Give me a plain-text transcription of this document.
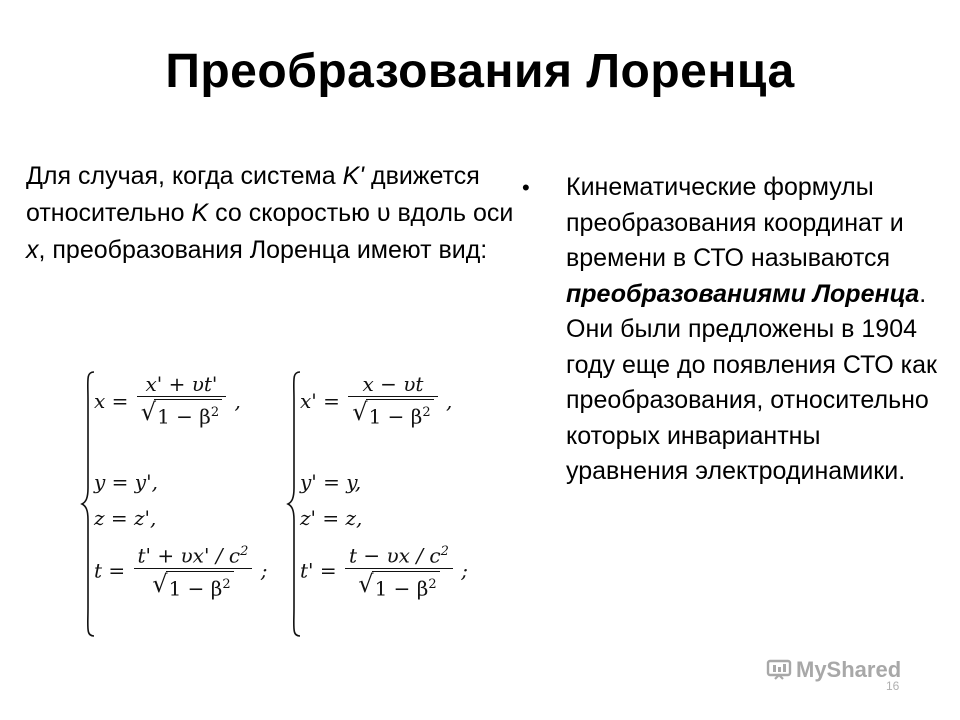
Преобразования Лоренца
Для случая, когда система K' движется относительно K со скоростью υ вдоль оси x, преобразования Лоренца имеют вид:
$x = \frac{x' + \upsilon t'}{√1 - \beta^2}$ ,
y = y',
z = z',
$t = \frac{t' + \upsilon x' / c^2}{√1 - \beta^2}$ ;
$x' = \frac{x - \upsilon t}{√1 - \beta^2}$ ,
y' = y,
z' = z,
$t' = \frac{t - \upsilon x / c^2}{√1 - \beta^2}$ ;
• Кинематические формулы преобразования координат и времени в СТО называются преобразованиями Лоренца. Они были предложены в 1904 году еще до появления СТО как преобразования, относительно которых инвариантны уравнения электродинамики.
MyShared
16
